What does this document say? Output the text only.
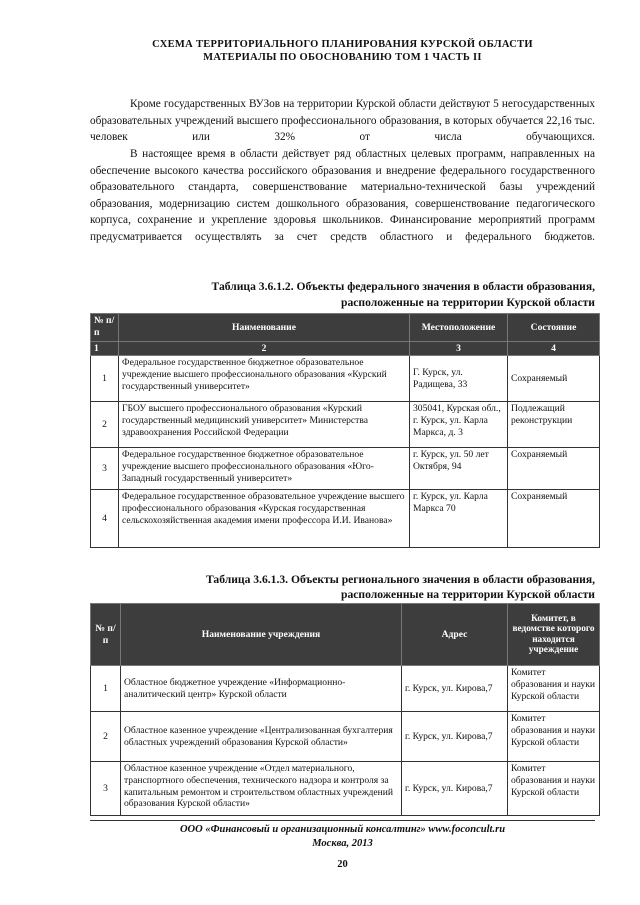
СХЕМА ТЕРРИТОРИАЛЬНОГО ПЛАНИРОВАНИЯ КУРСКОЙ ОБЛАСТИ
МАТЕРИАЛЫ ПО ОБОСНОВАНИЮ ТОМ 1 ЧАСТЬ II

Кроме государственных ВУЗов на территории Курской области действуют 5 негосударственных образовательных учреждений высшего профессионального образования, в которых обучается 22,16 тыс. человек или 32% от числа обучающихся.

В настоящее время в области действует ряд областных целевых программ, направленных на обеспечение высокого качества российского образования и внедрение федерального государственного образовательного стандарта, совершенствование материально-технической базы учреждений образования, модернизацию систем дошкольного образования, совершенствование педагогического корпуса, сохранение и укрепление здоровья школьников. Финансирование мероприятий программ предусматривается осуществлять за счет средств областного и федерального бюджетов.

Таблица 3.6.1.2. Объекты федерального значения в области образования,
расположенные на территории Курской области
№ п/п	Наименование	Местоположение	Состояние
1	2	3	4
1	Федеральное государственное бюджетное образовательное учреждение высшего профессионального образования «Курский государственный университет»	Г. Курск, ул. Радищева, 33	Сохраняемый
2	ГБОУ высшего профессионального образования «Курский государственный медицинский университет» Министерства здравоохранения Российской Федерации	305041, Курская обл., г. Курск, ул. Карла Маркса, д. 3	Подлежащий реконструкции
3	Федеральное государственное бюджетное образовательное учреждение высшего профессионального образования «Юго-Западный государственный университет»	г. Курск, ул. 50 лет Октября, 94	Сохраняемый
4	Федеральное государственное образовательное учреждение высшего профессионального образования «Курская государственная сельскохозяйственная академия имени профессора И.И. Иванова»	г. Курск, ул. Карла Маркса 70	Сохраняемый
Таблица 3.6.1.3. Объекты регионального значения в области образования,
расположенные на территории Курской области
№ п/п	Наименование учреждения	Адрес	Комитет, в ведомстве которого находится учреждение
1	Областное бюджетное учреждение «Информационно-аналитический центр» Курской области	г. Курск, ул. Кирова,7	Комитет образования и науки Курской области
2	Областное казенное учреждение «Централизованная бухгалтерия областных учреждений образования Курской области»	г. Курск, ул. Кирова,7	Комитет образования и науки Курской области
3	Областное казенное учреждение «Отдел материального, транспортного обеспечения, технического надзора и контроля за капитальным ремонтом и строительством областных учреждений образования Курской области»	г. Курск, ул. Кирова,7	Комитет образования и науки Курской области
ООО «Финансовый и организационный консалтинг» www.foconcult.ru
Москва, 2013
20
